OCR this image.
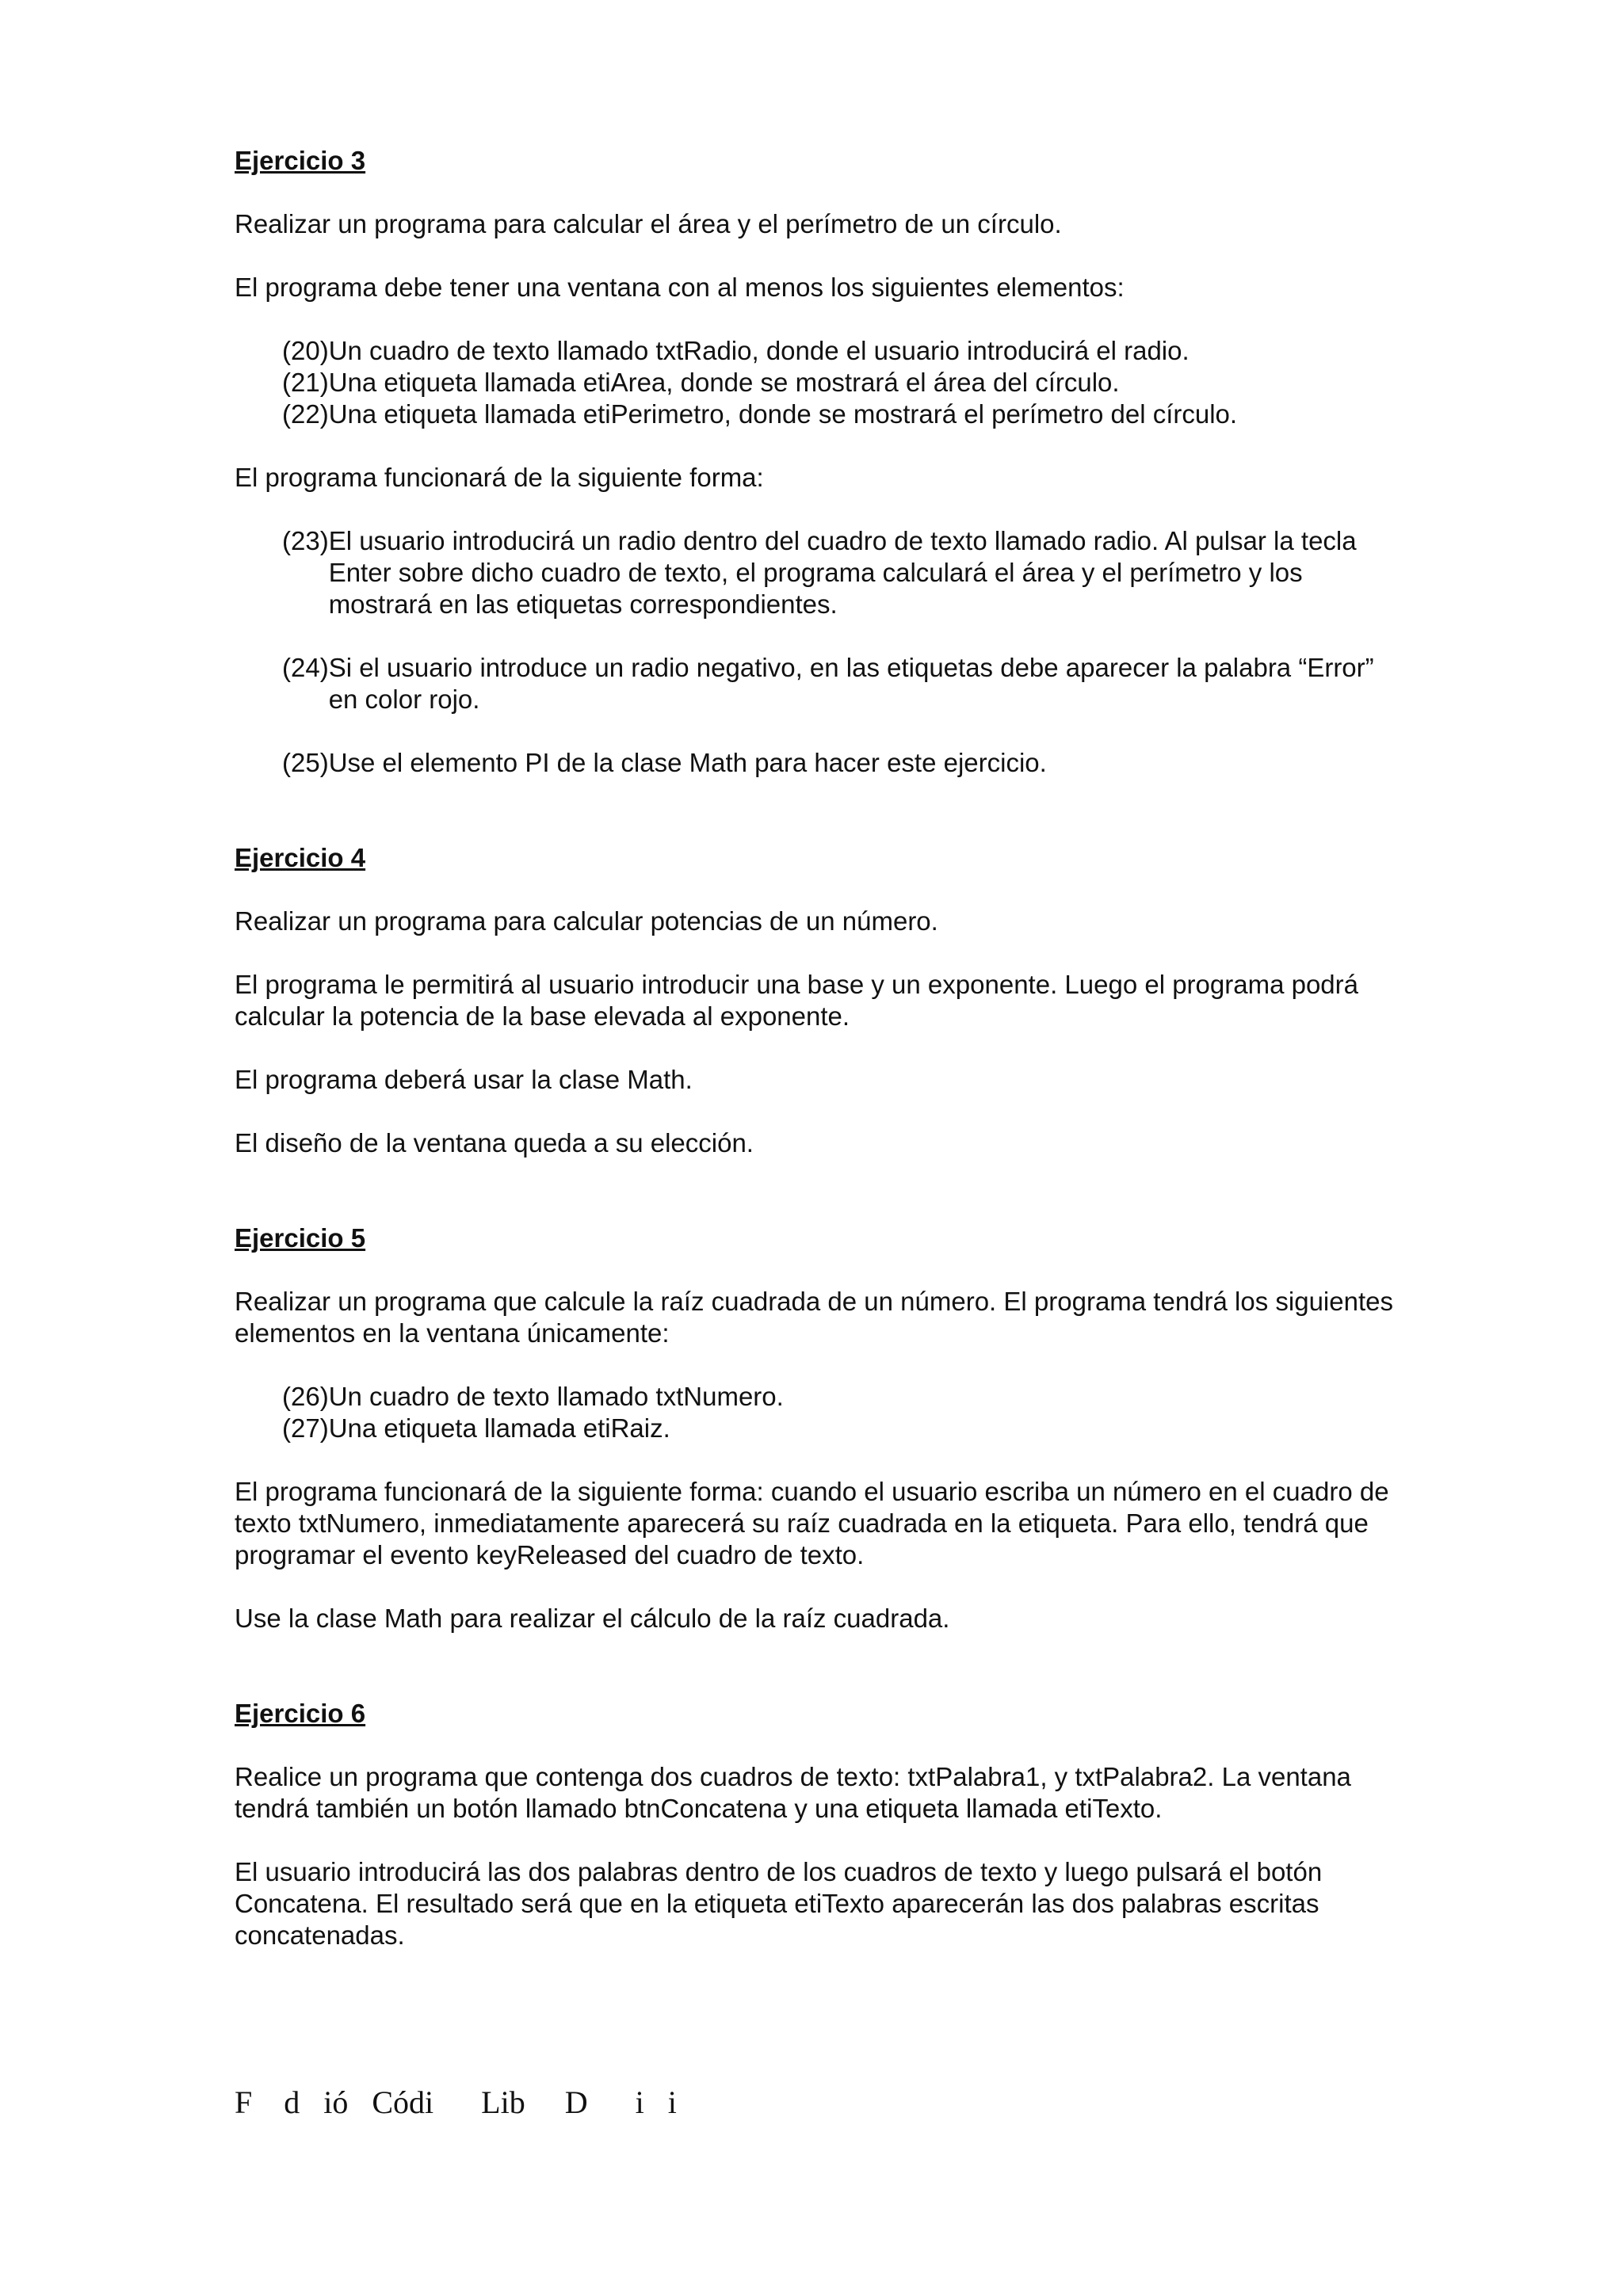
Ejercicio 3
Realizar un programa para calcular el área y el perímetro de un círculo.
El programa debe tener una ventana con al menos los siguientes elementos:
(20) Un cuadro de texto llamado txtRadio, donde el usuario introducirá el radio.
(21) Una etiqueta llamada etiArea, donde se mostrará el área del círculo.
(22) Una etiqueta llamada etiPerimetro, donde se mostrará el perímetro del círculo.
El programa funcionará de la siguiente forma:
(23) El usuario introducirá un radio dentro del cuadro de texto llamado radio. Al pulsar la tecla Enter sobre dicho cuadro de texto, el programa calculará el área y el perímetro y los mostrará en las etiquetas correspondientes.
(24) Si el usuario introduce un radio negativo, en las etiquetas debe aparecer la palabra “Error” en color rojo.
(25) Use el elemento PI de la clase Math para hacer este ejercicio.
Ejercicio 4
Realizar un programa para calcular potencias de un número.
El programa le permitirá al usuario introducir una base y un exponente. Luego el programa podrá calcular la potencia de la base elevada al exponente.
El programa deberá usar la clase Math.
El diseño de la ventana queda a su elección.
Ejercicio 5
Realizar un programa que calcule la raíz cuadrada de un número. El programa tendrá los siguientes elementos en la ventana únicamente:
(26) Un cuadro de texto llamado txtNumero.
(27) Una etiqueta llamada etiRaiz.
El programa funcionará de la siguiente forma: cuando el usuario escriba un número en el cuadro de texto txtNumero, inmediatamente aparecerá su raíz cuadrada en la etiqueta. Para ello, tendrá que programar el evento keyReleased del cuadro de texto.
Use la clase Math para realizar el cálculo de la raíz cuadrada.
Ejercicio 6
Realice un programa que contenga dos cuadros de texto: txtPalabra1, y txtPalabra2. La ventana tendrá también un botón llamado btnConcatena y una etiqueta llamada etiTexto.
El usuario introducirá las dos palabras dentro de los cuadros de texto y luego pulsará el botón Concatena. El resultado será que en la etiqueta etiTexto aparecerán las dos palabras escritas concatenadas.
F    d   ió   Códi      Lib     D      i   i
